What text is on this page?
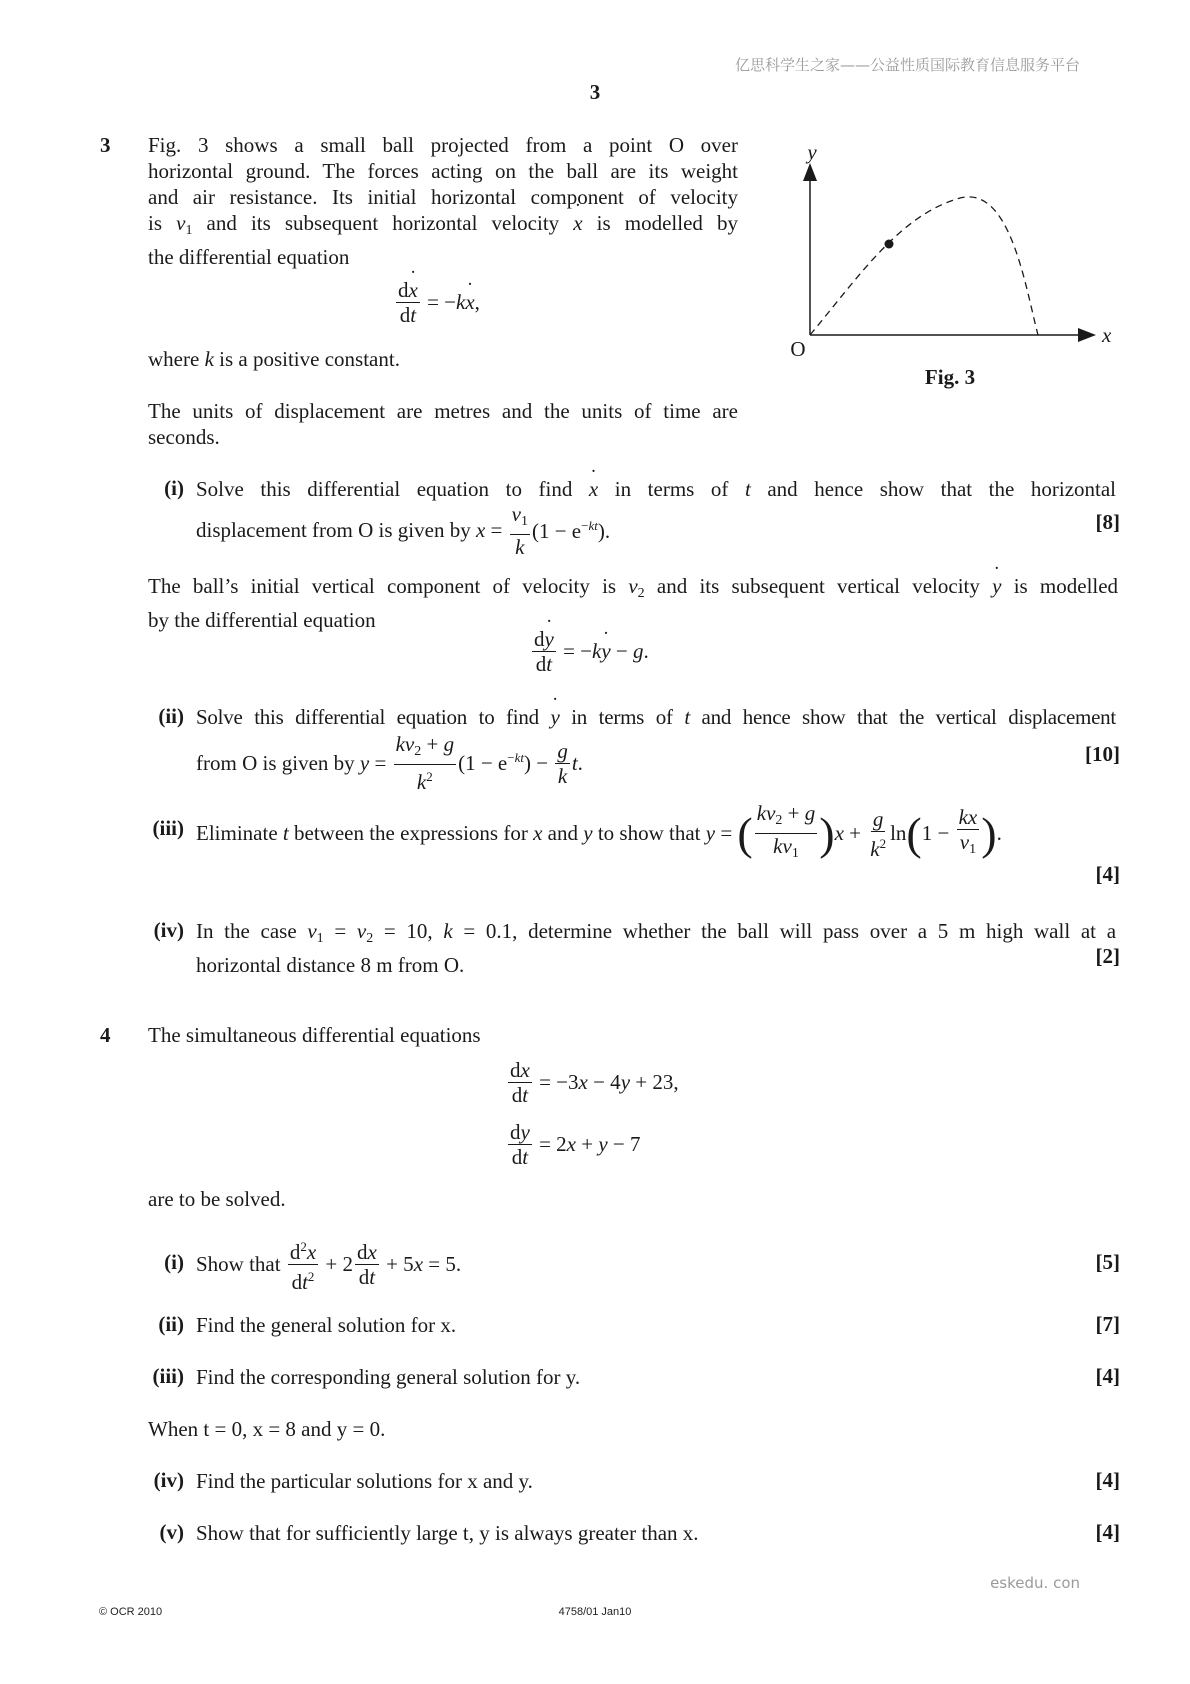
亿思科学生之家——公益性质国际教育信息服务平台
3
3 Fig. 3 shows a small ball projected from a point O over
horizontal ground. The forces acting on the ball are its weight
and air resistance. Its initial horizontal component of velocity
is $v_1$ and its subsequent horizontal velocity x ˙ is modelled by
the differential equation
$\frac{dx ˙}{dt} = -kx$ ˙,
where k is a positive constant.
The units of displacement are metres and the units of time are
seconds.
y
x
O
Fig. 3
(i) Solve this differential equation to find x ˙ in terms of t and hence show that the horizontal
displacement from O is given by $x = \frac{v_1}{k} (1 - e^{-kt})$.	[8]
The ball’s initial vertical component of velocity is $v_2$ and its subsequent vertical velocity y ˙ is modelled
by the differential equation
$\frac{dy ˙}{dt} = -ky$ ˙ − g.
(ii) Solve this differential equation to find y ˙ in terms of t and hence show that the vertical displacement
from O is given by $y = \frac{kv_2 + g}{k^2} (1 - e^{-kt}) - \frac{g}{k} t$.	[10]
(iii) Eliminate t between the expressions for x and y to show that y = ( $\frac{kv_2 + g}{kv_1}$ ) $x + \frac{g}{k^2}$ ln ( $1 - \frac{kx}{v_1}$ ) .
[4]
(iv) In the case $v_1 = v_2 = 10$, k = 0.1, determine whether the ball will pass over a 5 m high wall at a
horizontal distance 8 m from O.	[2]
4 The simultaneous differential equations
$\frac{dx}{dt} = -3x - 4y + 23$,
$\frac{dy}{dt} = 2x + y - 7$
are to be solved.
(i) Show that
$\frac{d^2x}{dt^2} + 2 \frac{dx}{dt} + 5x = 5$.	[5]
(ii) Find the general solution for x.	[7]
(iii) Find the corresponding general solution for y.	[4]
When t = 0, x = 8 and y = 0.
(iv) Find the particular solutions for x and y.	[4]
(v) Show that for sufficiently large t, y is always greater than x.	[4]
eskedu. con
© OCR 2010	4758/01 Jan10
